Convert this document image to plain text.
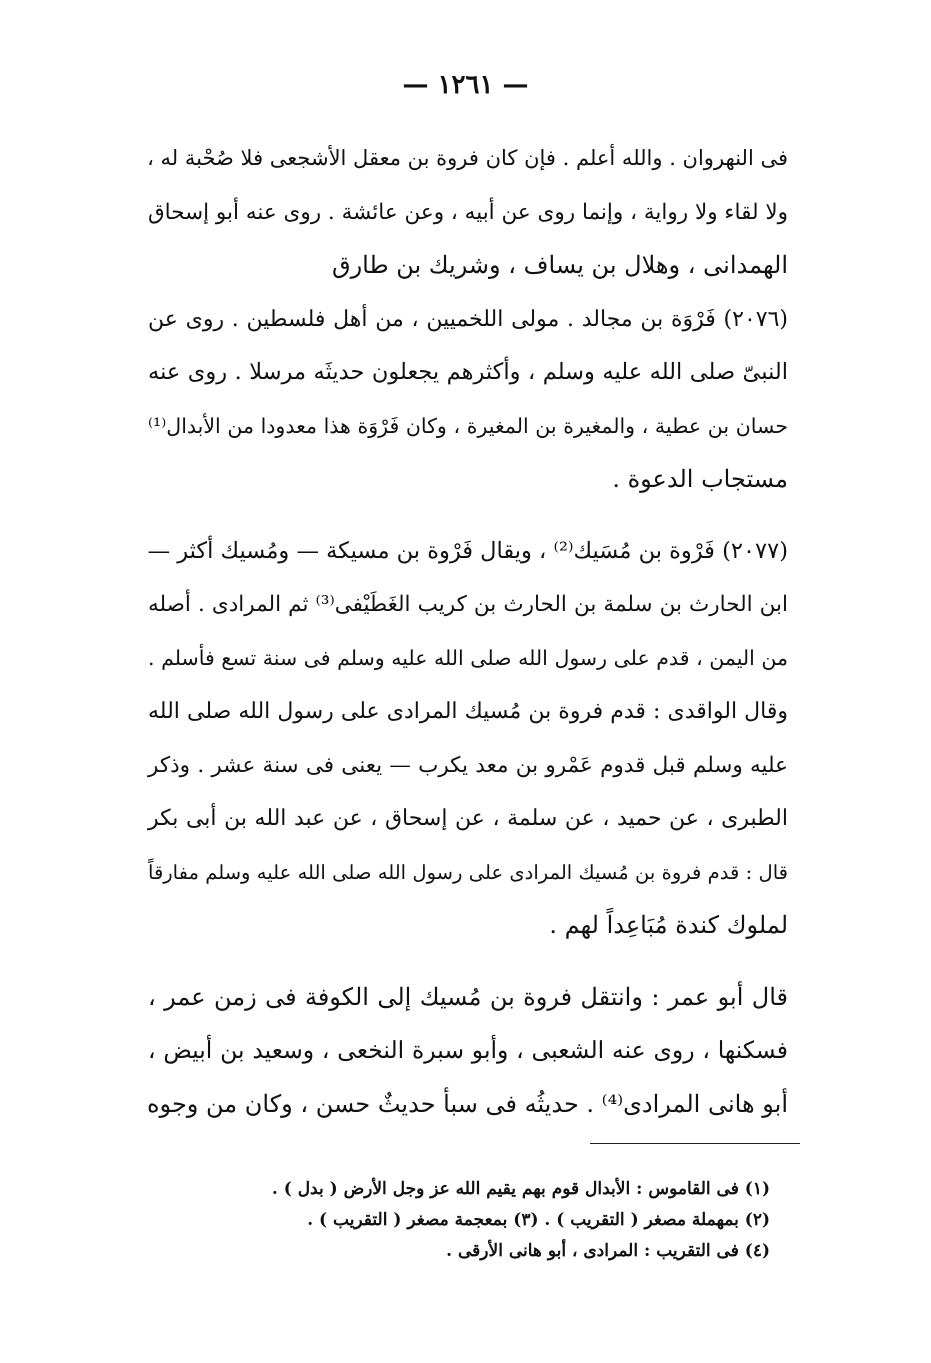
— ١٢٦١ —

فى النهروان . والله أعلم . فإن كان فروة بن معقل الأشجعى فلا صُحْبة له ،
ولا لقاء ولا رواية ، وإنما روى عن أبيه ، وعن عائشة . روى عنه أبو إسحاق
الهمدانى ، وهلال بن يساف ، وشريك بن طارق

(٢٠٧٦) فَرْوَة بن مجالد . مولى اللخميين ، من أهل فلسطين . روى عن
النبىّ صلى الله عليه وسلم ، وأكثرهم يجعلون حديثَه مرسلا . روى عنه
حسان بن عطية ، والمغيرة بن المغيرة ، وكان فَرْوَة هذا معدودا من الأبدال⁽¹⁾
مستجاب الدعوة .

(٢٠٧٧) فَرْوة بن مُسَيك⁽²⁾ ، ويقال فَرْوة بن مسيكة — ومُسيك أكثر —
ابن الحارث بن سلمة بن الحارث بن كريب الغَطَيْفى⁽³⁾ ثم المرادى . أصله
من اليمن ، قدم على رسول الله صلى الله عليه وسلم فى سنة تسع فأسلم .
وقال الواقدى : قدم فروة بن مُسيك المرادى على رسول الله صلى الله
عليه وسلم قبل قدوم عَمْرو بن معد يكرب — يعنى فى سنة عشر . وذكر
الطبرى ، عن حميد ، عن سلمة ، عن إسحاق ، عن عبد الله بن أبى بكر
قال : قدم فروة بن مُسيك المرادى على رسول الله صلى الله عليه وسلم مفارقاً
لملوك كندة مُبَاعِداً لهم .

قال أبو عمر : وانتقل فروة بن مُسيك إلى الكوفة فى زمن عمر ،
فسكنها ، روى عنه الشعبى ، وأبو سبرة النخعى ، وسعيد بن أبيض ،
أبو هانى المرادى⁽⁴⁾ . حديثُه فى سبأ حديثٌ حسن ، وكان من وجوه

(١) فى القاموس : الأبدال قوم بهم يقيم الله عز وجل الأرض ( بدل ) .
(٢) بمهملة مصغر ( التقريب ) . (٣) بمعجمة مصغر ( التقريب ) .
(٤) فى التقريب : المرادى ، أبو هانى الأرقى .
